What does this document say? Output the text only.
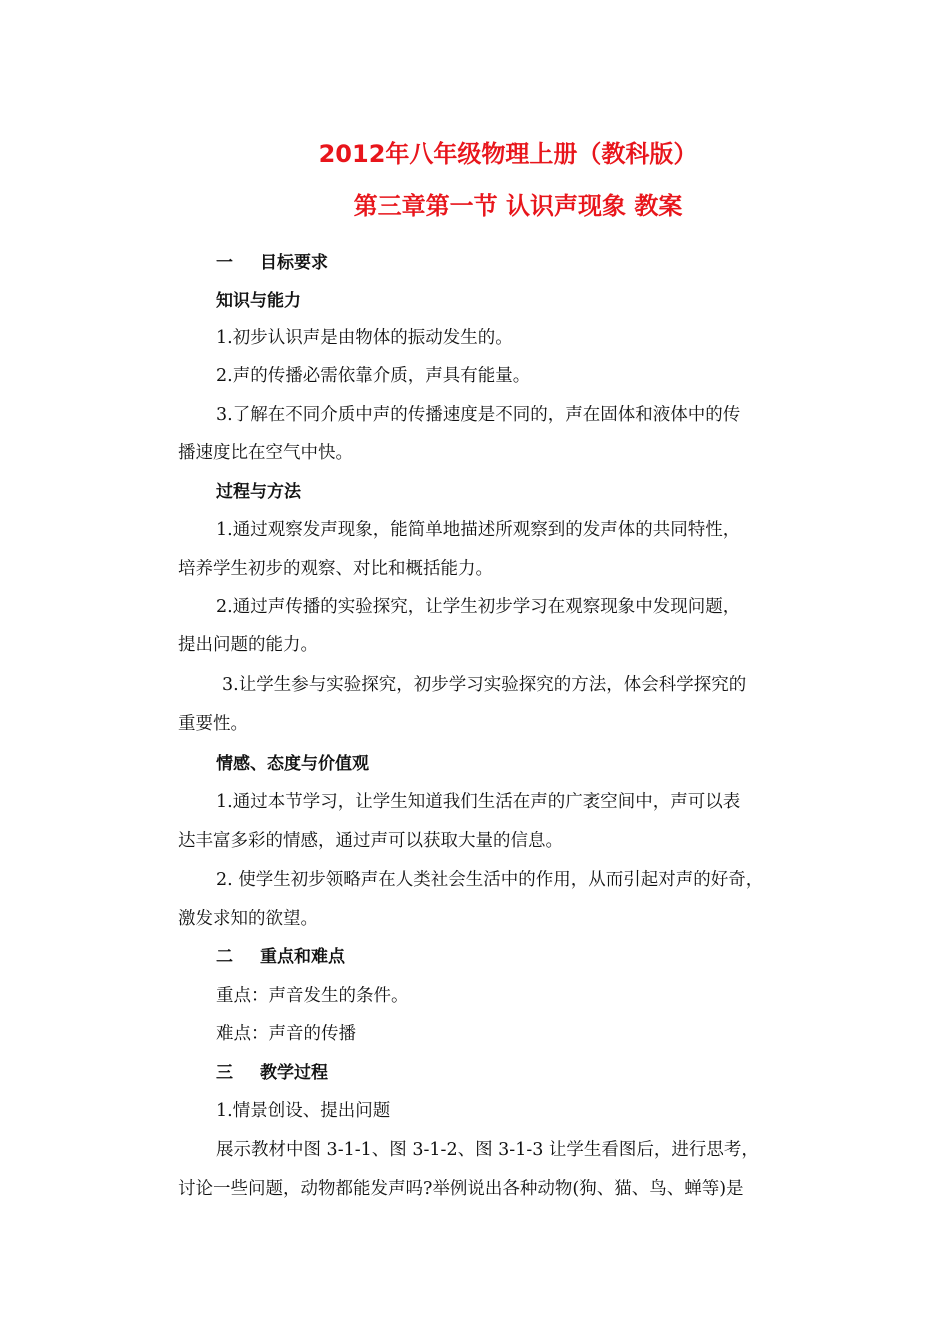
2012年八年级物理上册（教科版）
第三章第一节 认识声现象 教案
一 目标要求
知识与能力
1.初步认识声是由物体的振动发生的。
2.声的传播必需依靠介质，声具有能量。
3.了解在不同介质中声的传播速度是不同的，声在固体和液体中的传
播速度比在空气中快。
过程与方法
1.通过观察发声现象，能简单地描述所观察到的发声体的共同特性，
培养学生初步的观察、对比和概括能力。
2.通过声传播的实验探究，让学生初步学习在观察现象中发现问题，
提出问题的能力。
3.让学生参与实验探究，初步学习实验探究的方法，体会科学探究的
重要性。
情感、态度与价值观
1.通过本节学习，让学生知道我们生活在声的广袤空间中，声可以表
达丰富多彩的情感，通过声可以获取大量的信息。
2. 使学生初步领略声在人类社会生活中的作用，从而引起对声的好奇，
激发求知的欲望。
二 重点和难点
重点：声音发生的条件。
难点：声音的传播
三 教学过程
1.情景创设、提出问题
展示教材中图 3-1-1、图 3-1-2、图 3-1-3 让学生看图后，进行思考，
讨论一些问题，动物都能发声吗?举例说出各种动物(狗、猫、鸟、蝉等)是
